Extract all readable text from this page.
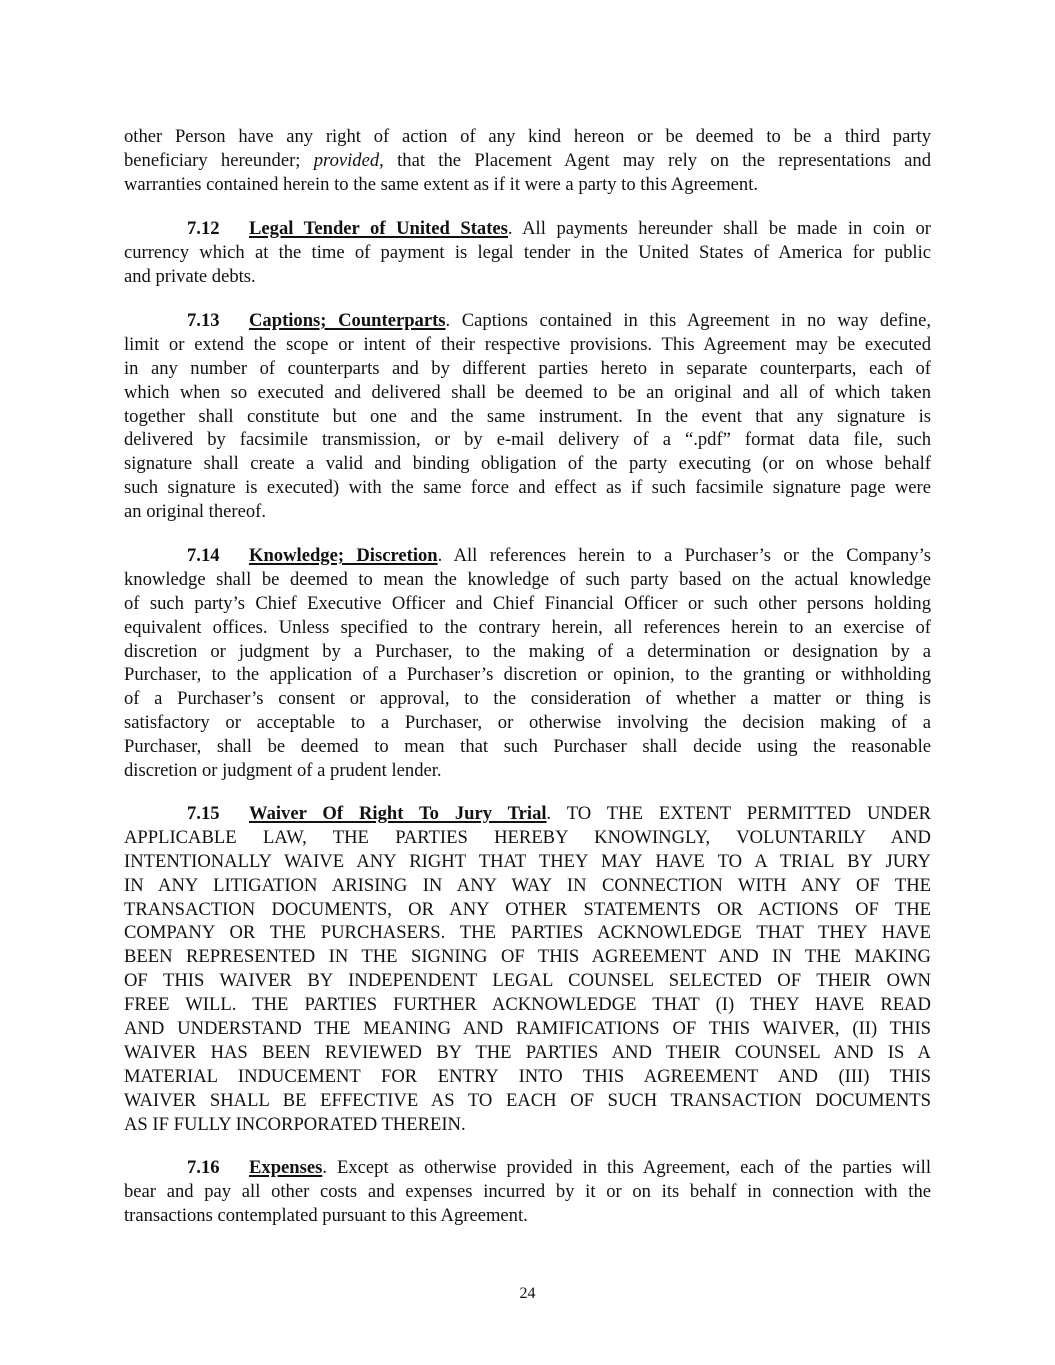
other Person have any right of action of any kind hereon or be deemed to be a third party
beneficiary hereunder; provided, that the Placement Agent may rely on the representations and
warranties contained herein to the same extent as if it were a party to this Agreement.
7.12 Legal Tender of United States. All payments hereunder shall be made in coin or
currency which at the time of payment is legal tender in the United States of America for public
and private debts.
7.13 Captions; Counterparts. Captions contained in this Agreement in no way define,
limit or extend the scope or intent of their respective provisions. This Agreement may be executed
in any number of counterparts and by different parties hereto in separate counterparts, each of
which when so executed and delivered shall be deemed to be an original and all of which taken
together shall constitute but one and the same instrument. In the event that any signature is
delivered by facsimile transmission, or by e-mail delivery of a “.pdf” format data file, such
signature shall create a valid and binding obligation of the party executing (or on whose behalf
such signature is executed) with the same force and effect as if such facsimile signature page were
an original thereof.
7.14 Knowledge; Discretion. All references herein to a Purchaser’s or the Company’s
knowledge shall be deemed to mean the knowledge of such party based on the actual knowledge
of such party’s Chief Executive Officer and Chief Financial Officer or such other persons holding
equivalent offices. Unless specified to the contrary herein, all references herein to an exercise of
discretion or judgment by a Purchaser, to the making of a determination or designation by a
Purchaser, to the application of a Purchaser’s discretion or opinion, to the granting or withholding
of a Purchaser’s consent or approval, to the consideration of whether a matter or thing is
satisfactory or acceptable to a Purchaser, or otherwise involving the decision making of a
Purchaser, shall be deemed to mean that such Purchaser shall decide using the reasonable
discretion or judgment of a prudent lender.
7.15 Waiver Of Right To Jury Trial. TO THE EXTENT PERMITTED UNDER
APPLICABLE LAW, THE PARTIES HEREBY KNOWINGLY, VOLUNTARILY AND
INTENTIONALLY WAIVE ANY RIGHT THAT THEY MAY HAVE TO A TRIAL BY JURY
IN ANY LITIGATION ARISING IN ANY WAY IN CONNECTION WITH ANY OF THE
TRANSACTION DOCUMENTS, OR ANY OTHER STATEMENTS OR ACTIONS OF THE
COMPANY OR THE PURCHASERS. THE PARTIES ACKNOWLEDGE THAT THEY HAVE
BEEN REPRESENTED IN THE SIGNING OF THIS AGREEMENT AND IN THE MAKING
OF THIS WAIVER BY INDEPENDENT LEGAL COUNSEL SELECTED OF THEIR OWN
FREE WILL. THE PARTIES FURTHER ACKNOWLEDGE THAT (I) THEY HAVE READ
AND UNDERSTAND THE MEANING AND RAMIFICATIONS OF THIS WAIVER, (II) THIS
WAIVER HAS BEEN REVIEWED BY THE PARTIES AND THEIR COUNSEL AND IS A
MATERIAL INDUCEMENT FOR ENTRY INTO THIS AGREEMENT AND (III) THIS
WAIVER SHALL BE EFFECTIVE AS TO EACH OF SUCH TRANSACTION DOCUMENTS
AS IF FULLY INCORPORATED THEREIN.
7.16 Expenses. Except as otherwise provided in this Agreement, each of the parties will
bear and pay all other costs and expenses incurred by it or on its behalf in connection with the
transactions contemplated pursuant to this Agreement.
24
